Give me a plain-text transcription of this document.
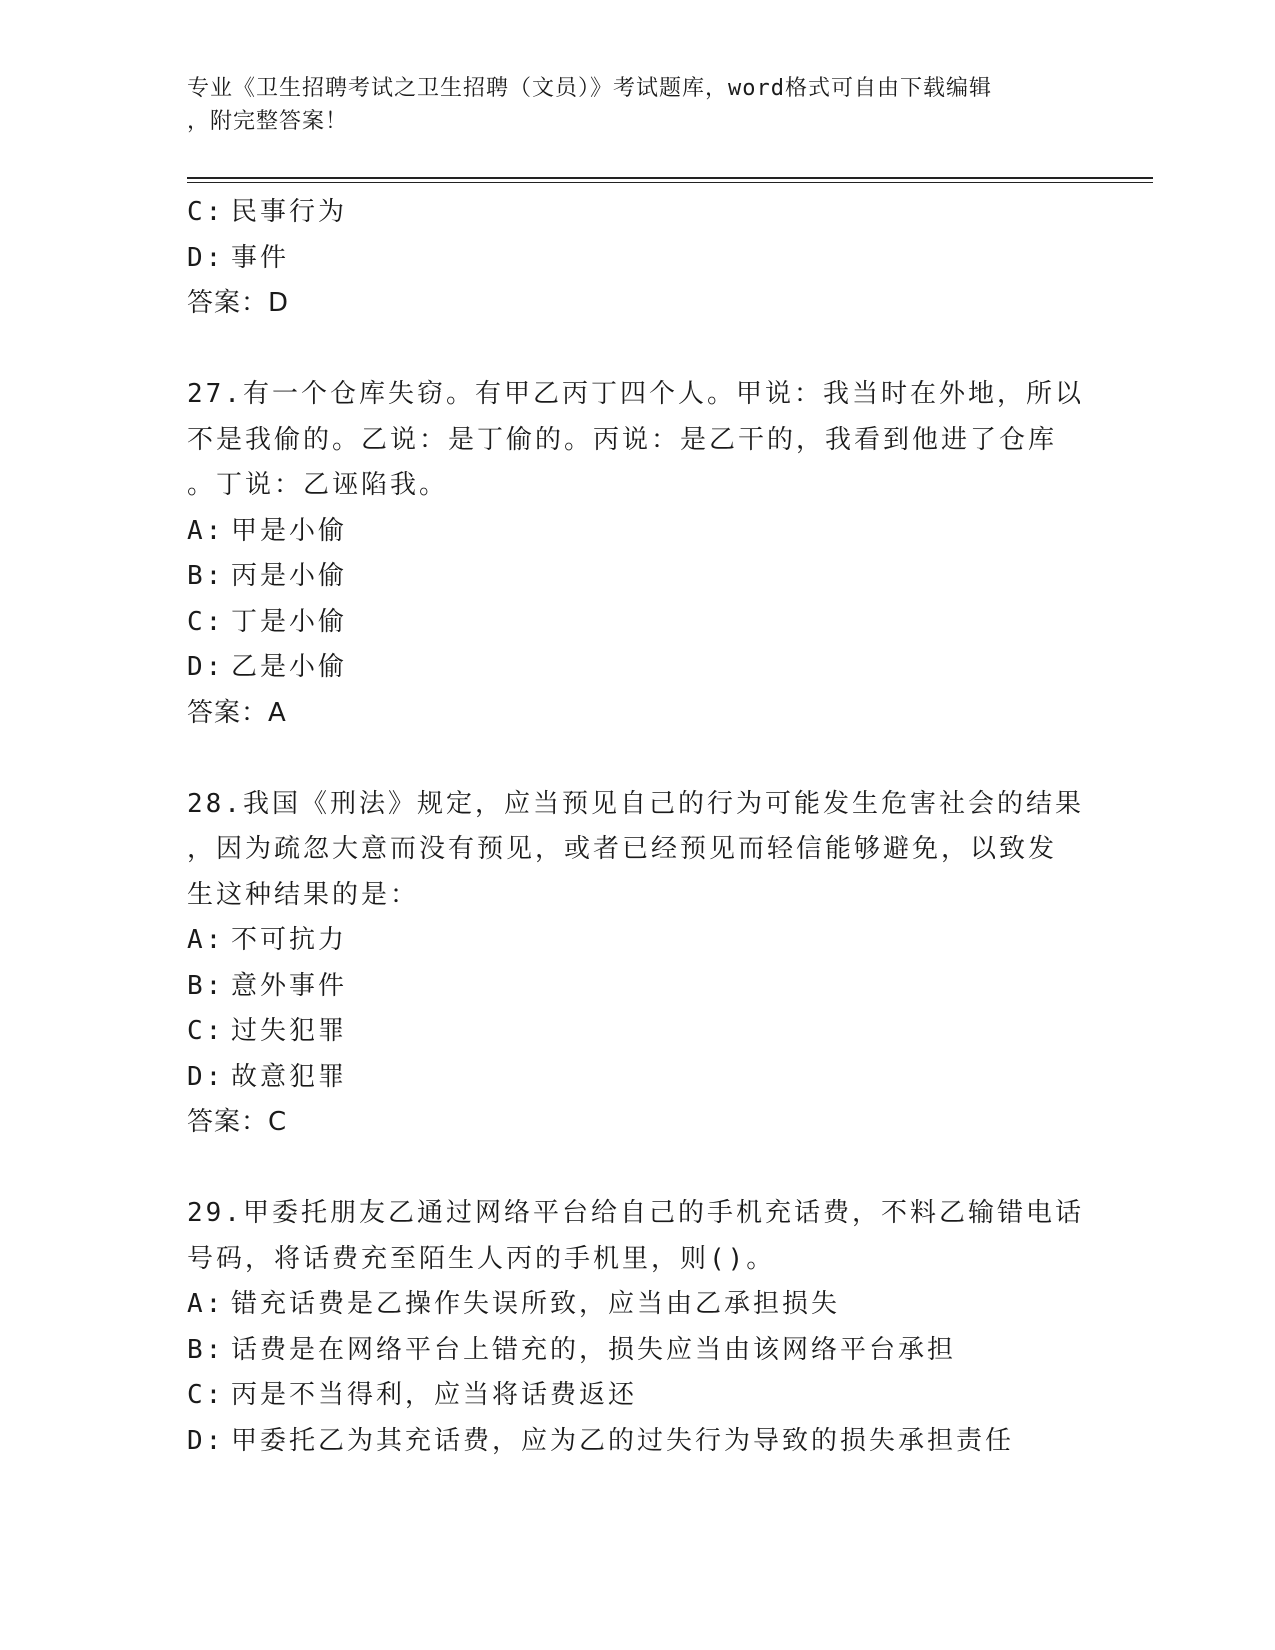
专业《卫生招聘考试之卫生招聘（文员）》考试题库，word格式可自由下载编辑
，附完整答案！
C: 民事行为
D: 事件
答案：D
27.有一个仓库失窃。有甲乙丙丁四个人。甲说：我当时在外地，所以
不是我偷的。乙说：是丁偷的。丙说：是乙干的，我看到他进了仓库
。丁说：乙诬陷我。
A: 甲是小偷
B: 丙是小偷
C: 丁是小偷
D: 乙是小偷
答案：A
28.我国《刑法》规定，应当预见自己的行为可能发生危害社会的结果
，因为疏忽大意而没有预见，或者已经预见而轻信能够避免，以致发
生这种结果的是：
A: 不可抗力
B: 意外事件
C: 过失犯罪
D: 故意犯罪
答案：C
29.甲委托朋友乙通过网络平台给自己的手机充话费，不料乙输错电话
号码，将话费充至陌生人丙的手机里，则()。
A: 错充话费是乙操作失误所致，应当由乙承担损失
B: 话费是在网络平台上错充的，损失应当由该网络平台承担
C: 丙是不当得利，应当将话费返还
D: 甲委托乙为其充话费，应为乙的过失行为导致的损失承担责任
